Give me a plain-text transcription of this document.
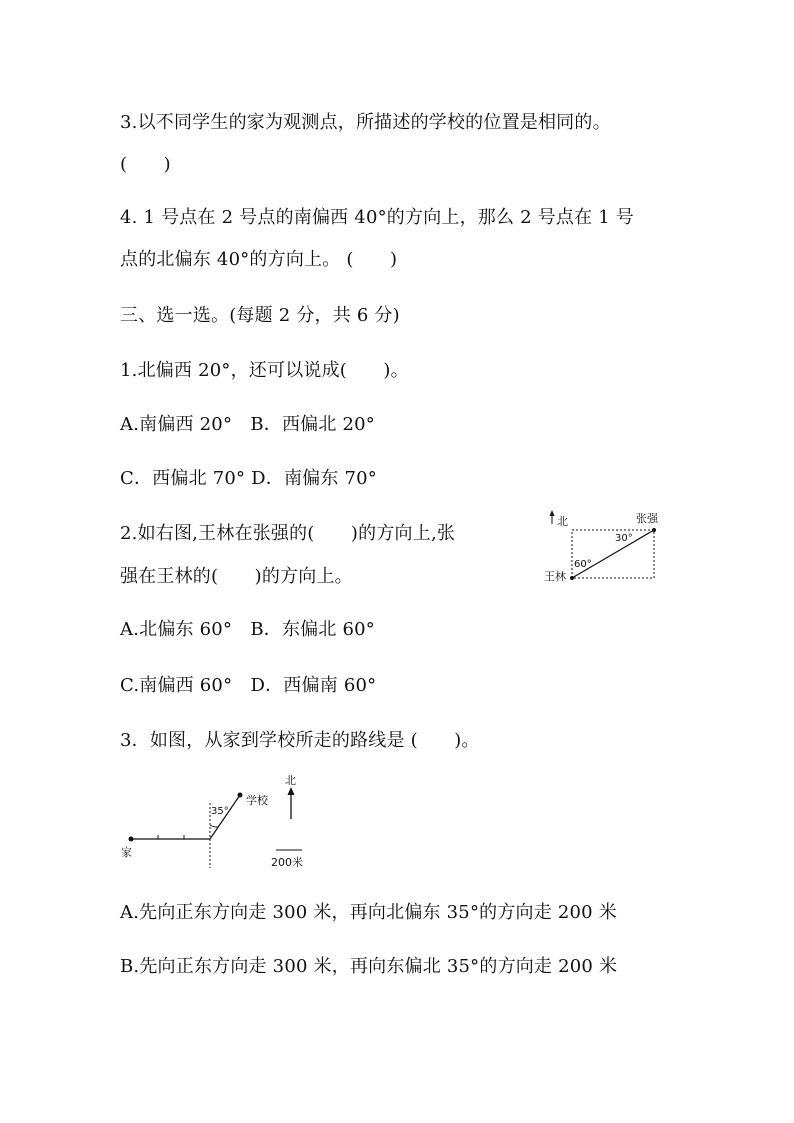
3.以不同学生的家为观测点，所描述的学校的位置是相同的。
(　　)
4. 1 号点在 2 号点的南偏西 40°的方向上，那么 2 号点在 1 号
点的北偏东 40°的方向上。 (　　)
三、选一选。(每题 2 分，共 6 分)
1.北偏西 20°，还可以说成(　　)。
A.南偏西 20°　B．西偏北 20°
C．西偏北 70° D．南偏东 70°
2.如右图,王林在张强的(　　)的方向上,张
强在王林的(　　)的方向上。
A.北偏东 60°　B．东偏北 60°
C.南偏西 60°　D．西偏南 60°
3．如图，从家到学校所走的路线是 (　　)。
A.先向正东方向走 300 米，再向北偏东 35°的方向走 200 米
B.先向正东方向走 300 米，再向东偏北 35°的方向走 200 米
北	张强
30°
60°
王林
家
35°
学校
北
200米
